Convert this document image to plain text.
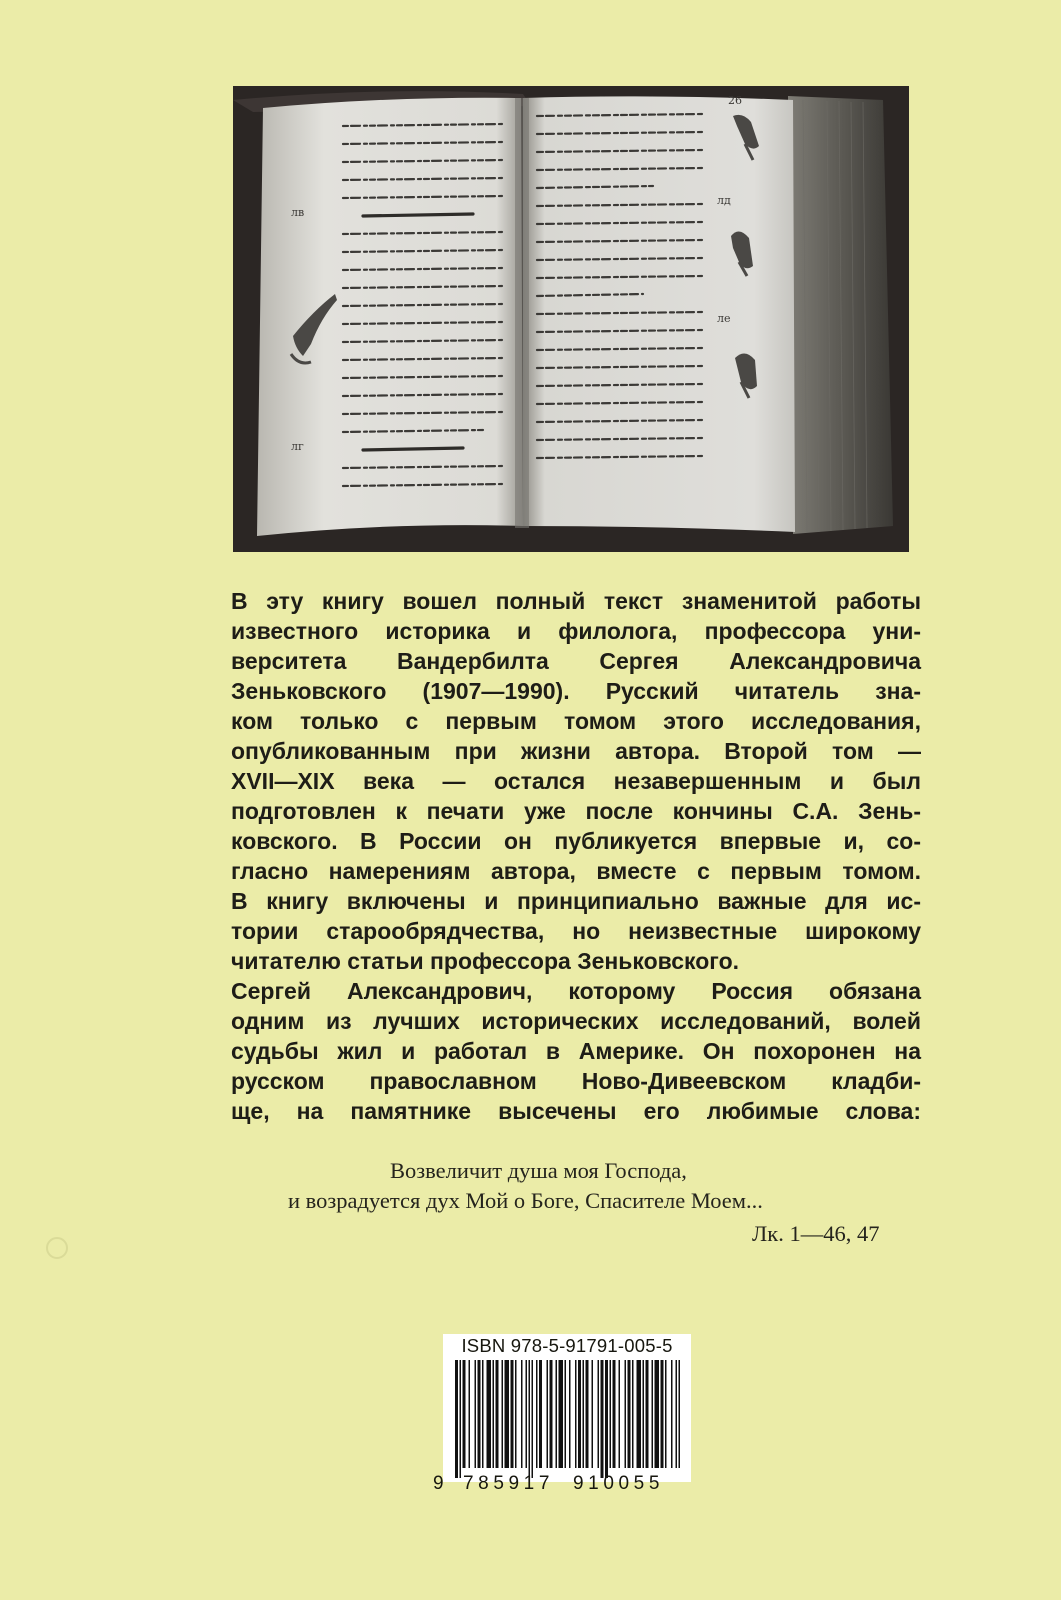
лв
лг
лд
ле
26
В эту книгу вошел полный текст знаменитой работы
известного историка и филолога, профессора уни-
верситета Вандербилта Сергея Александровича
Зеньковского (1907—1990). Русский читатель зна-
ком только с первым томом этого исследования,
опубликованным при жизни автора. Второй том —
XVII—XIX века — остался незавершенным и был
подготовлен к печати уже после кончины С.А. Зень-
ковского. В России он публикуется впервые и, со-
гласно намерениям автора, вместе с первым томом.
В книгу включены и принципиально важные для ис-
тории старообрядчества, но неизвестные широкому
читателю статьи профессора Зеньковского.
Сергей Александрович, которому Россия обязана
одним из лучших исторических исследований, волей
судьбы жил и работал в Америке. Он похоронен на
русском православном Ново-Дивеевском кладби-
ще, на памятнике высечены его любимые слова:
Возвеличит душа моя Господа,
и возрадуется дух Мой о Боге, Спасителе Моем...
Лк. 1—46, 47
ISBN 978-5-91791-005-5
9 785917 910055
